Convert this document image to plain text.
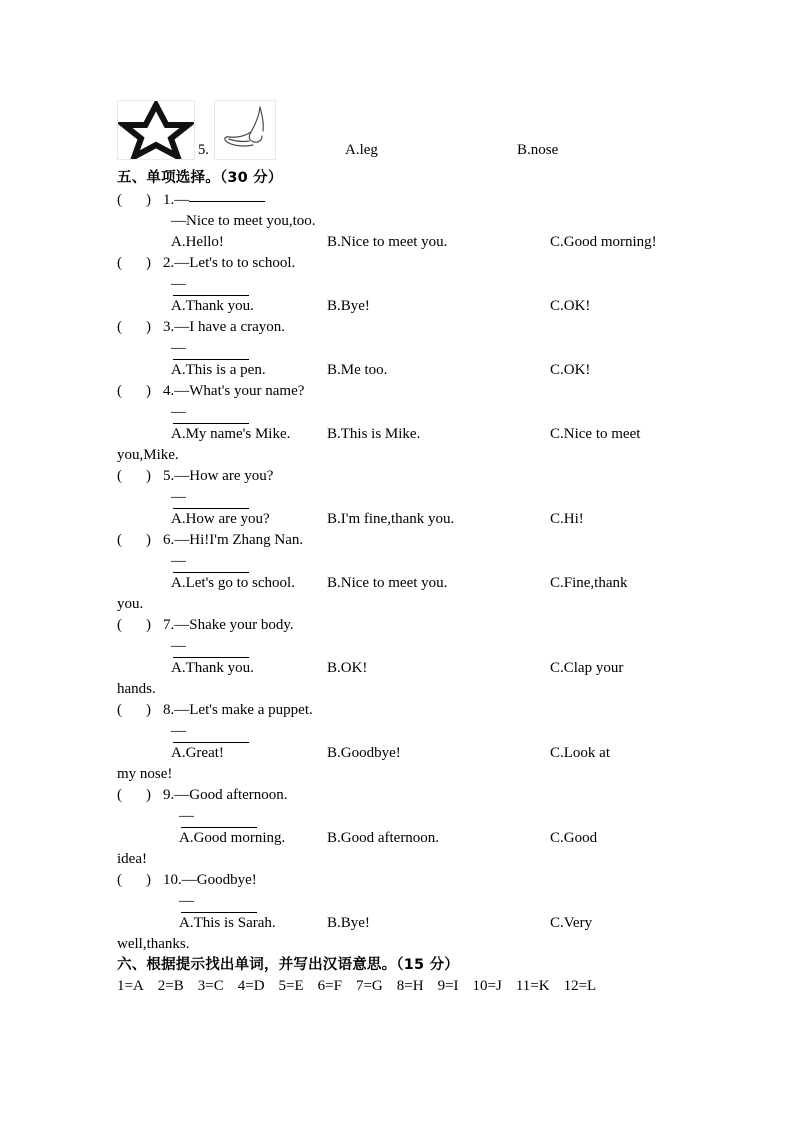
5.	A.leg	B.nose
五、单项选择。（30 分）
( ) 1.—
—Nice to meet you,too.
A.Hello!	B.Nice to meet you.	C.Good morning!
( ) 2.—Let's to to school.
—
A.Thank you.	B.Bye!	C.OK!
( ) 3.—I have a crayon.
—
A.This is a pen.	B.Me too.	C.OK!
( ) 4.—What's your name?
—
A.My name's Mike. B.This is Mike.	C.Nice to meet
you,Mike.
( ) 5.—How are you?
—
A.How are you?	B.I'm fine,thank you.	C.Hi!
( ) 6.—Hi!I'm Zhang Nan.
—
A.Let's go to school. B.Nice to meet you.	C.Fine,thank
you.
( ) 7.—Shake your body.
—
A.Thank you.	B.OK!	C.Clap your
hands.
( ) 8.—Let's make a puppet.
—
A.Great!	B.Goodbye!	C.Look at
my nose!
( ) 9.—Good afternoon.
—
A.Good morning.	B.Good afternoon.	C.Good
idea!
( ) 10.—Goodbye!
—
A.This is Sarah.	B.Bye!	C.Very
well,thanks.
六、根据提示找出单词，并写出汉语意思。（15 分）
1=A 2=B 3=C 4=D 5=E 6=F 7=G 8=H 9=I 10=J 11=K 12=L
